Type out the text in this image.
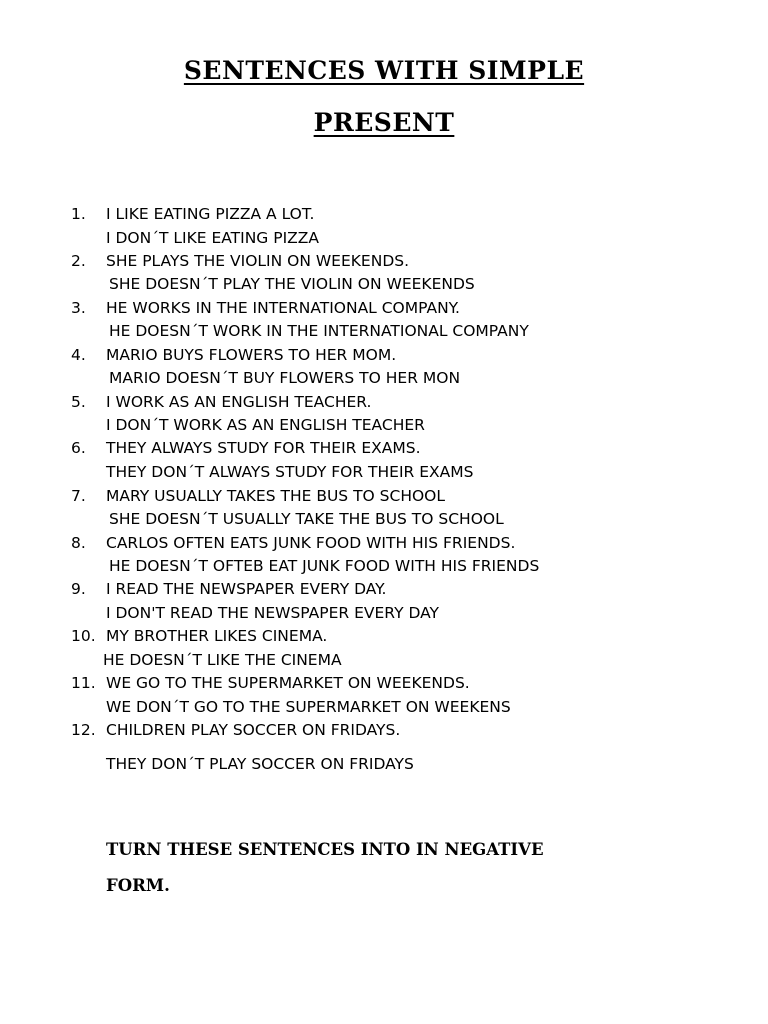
SENTENCES WITH SIMPLE
PRESENT
1.	I LIKE EATING PIZZA A LOT.
I DON´T LIKE EATING PIZZA
2.	SHE PLAYS THE VIOLIN ON WEEKENDS.
SHE DOESN´T PLAY THE VIOLIN ON WEEKENDS
3.	HE WORKS IN THE INTERNATIONAL COMPANY.
HE DOESN´T WORK IN THE INTERNATIONAL COMPANY
4.	MARIO BUYS FLOWERS TO HER MOM.
MARIO DOESN´T BUY FLOWERS TO HER MON
5.	I WORK AS AN ENGLISH TEACHER.
I DON´T WORK AS AN ENGLISH TEACHER
6.	THEY ALWAYS STUDY FOR THEIR EXAMS.
THEY DON´T ALWAYS STUDY FOR THEIR EXAMS
7.	MARY USUALLY TAKES THE BUS TO SCHOOL
SHE DOESN´T USUALLY TAKE THE BUS TO SCHOOL
8.	CARLOS OFTEN EATS JUNK FOOD WITH HIS FRIENDS.
HE DOESN´T OFTEB EAT JUNK FOOD WITH HIS FRIENDS
9.	I READ THE NEWSPAPER EVERY DAY.
I DON'T READ THE NEWSPAPER EVERY DAY
10. MY BROTHER LIKES CINEMA.
HE DOESN´T LIKE THE CINEMA
11. WE GO TO THE SUPERMARKET ON WEEKENDS.
WE DON´T GO TO THE SUPERMARKET ON WEEKENS
12. CHILDREN PLAY SOCCER ON FRIDAYS.
THEY DON´T PLAY SOCCER ON FRIDAYS
TURN THESE SENTENCES INTO IN NEGATIVE
FORM.
